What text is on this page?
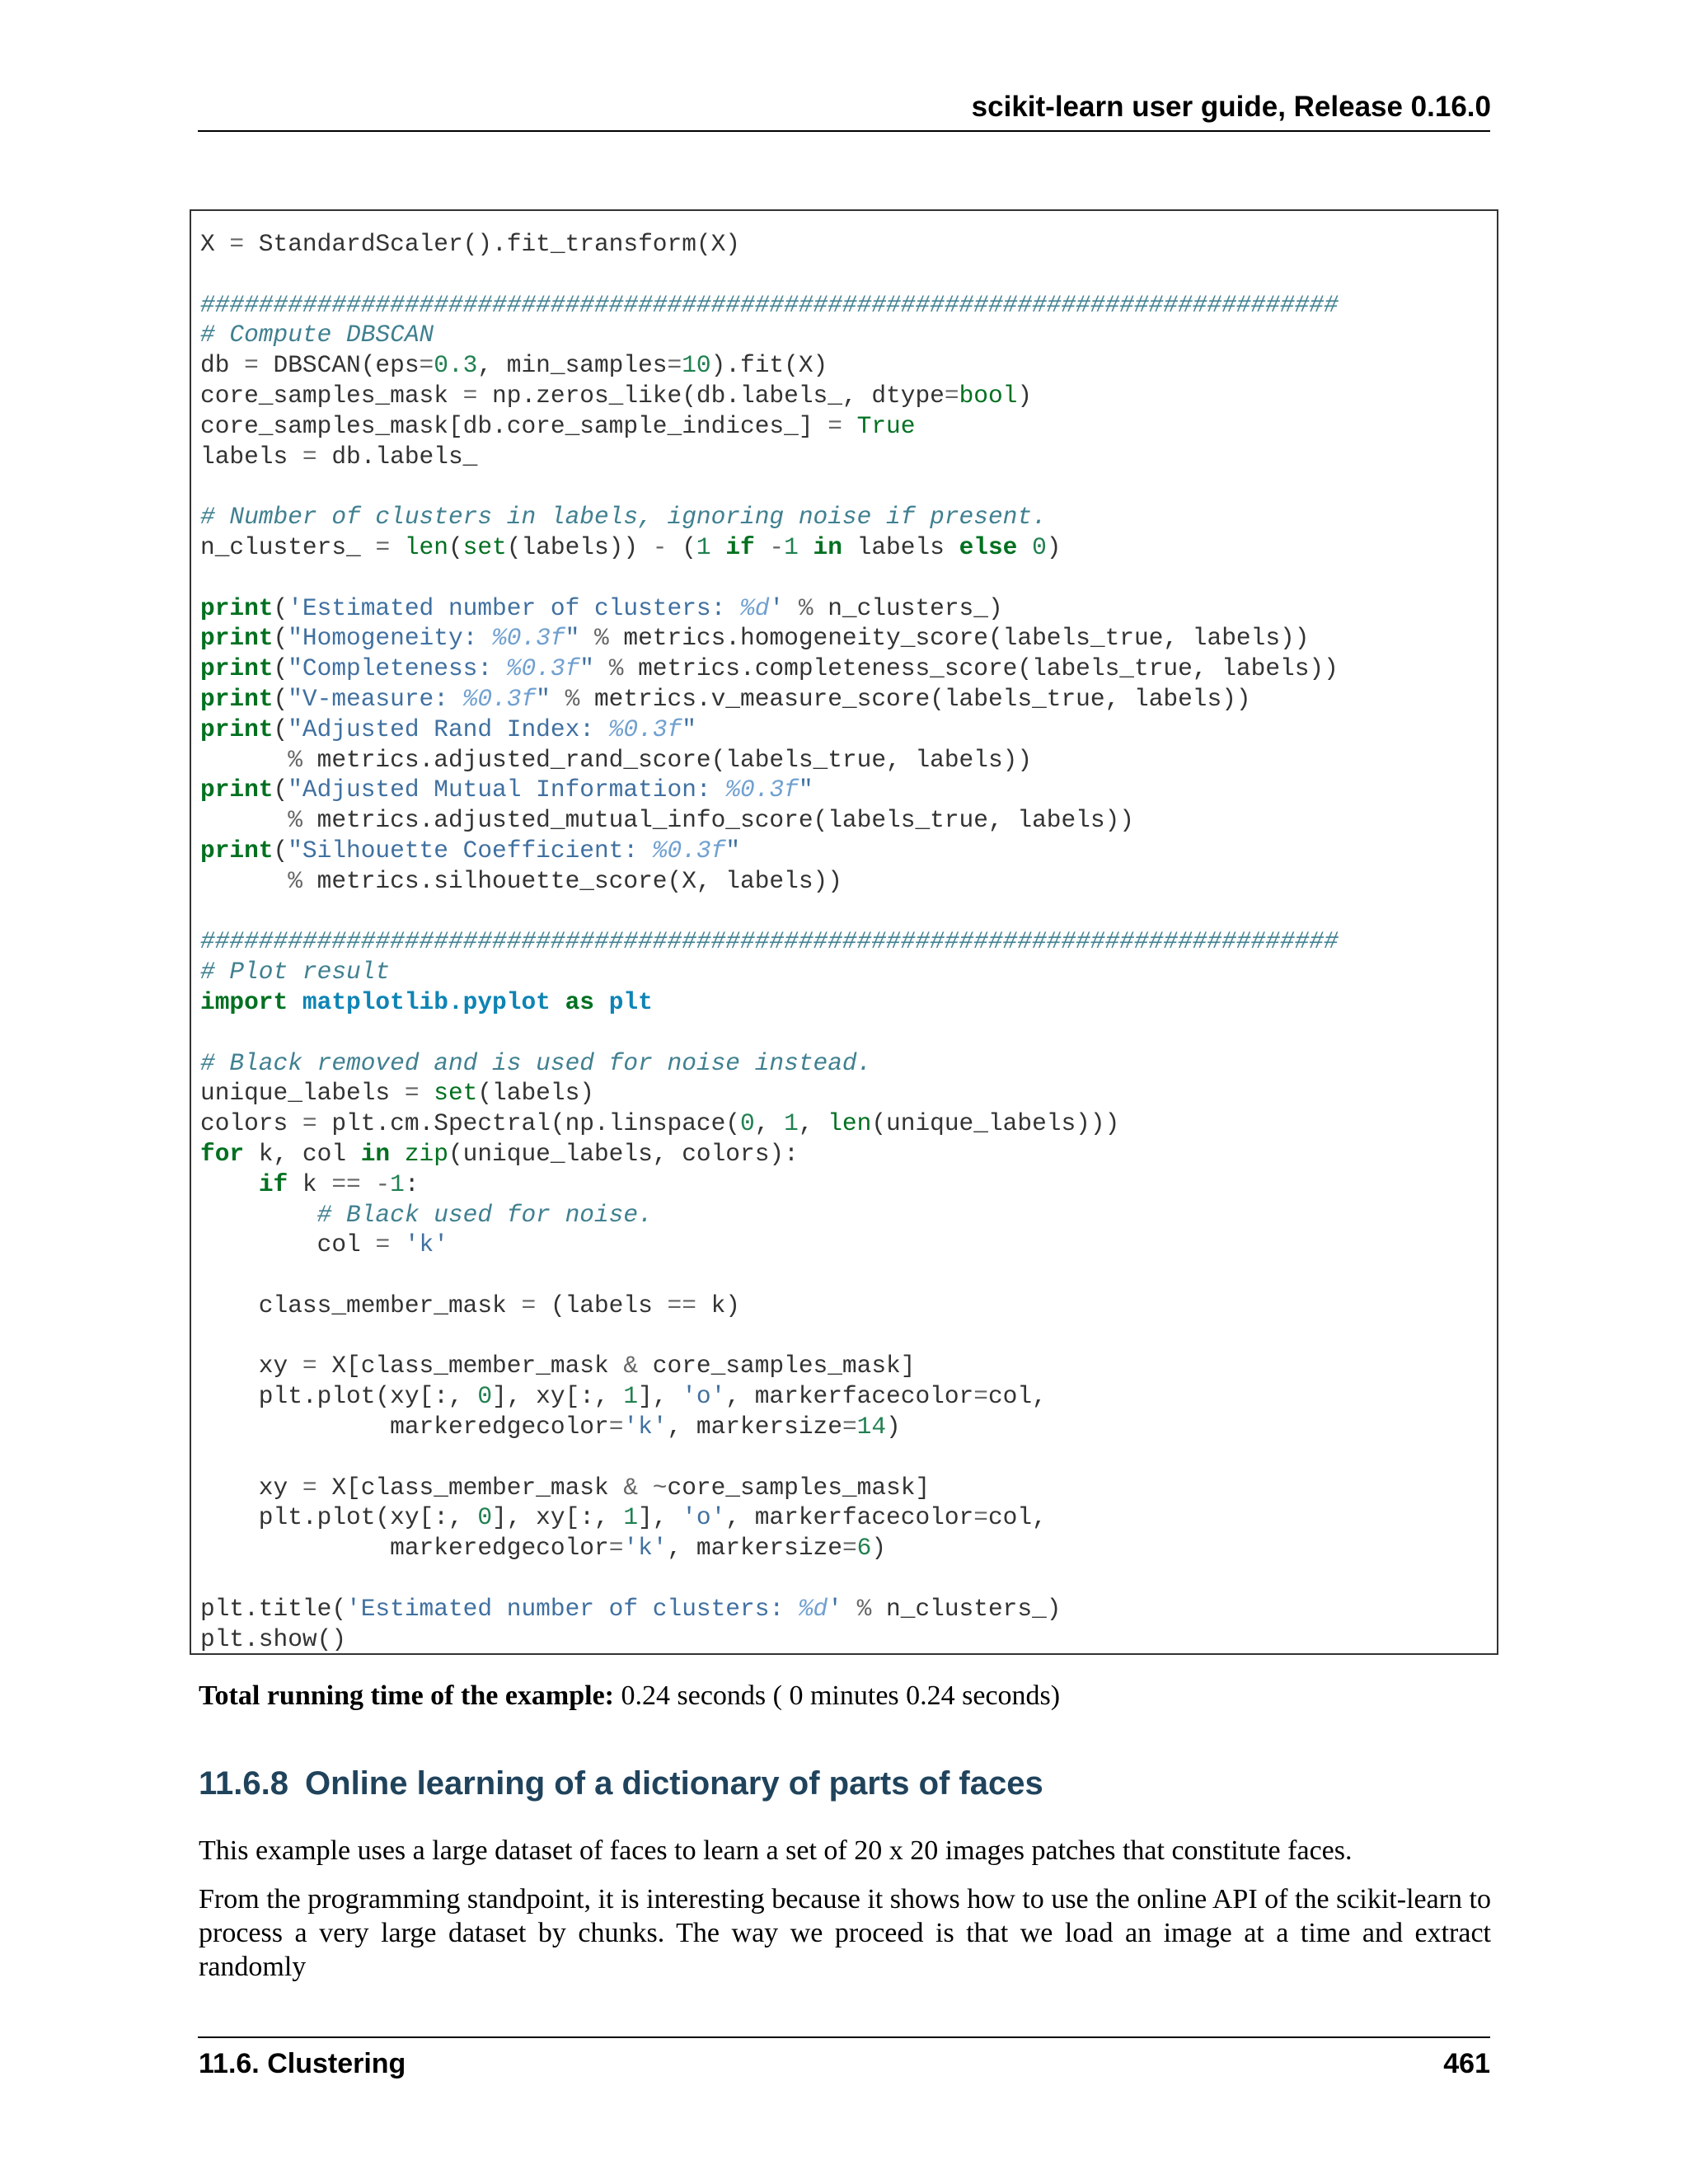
scikit-learn user guide, Release 0.16.0
X = StandardScaler().fit_transform(X)
##############################################################################
# Compute DBSCAN
db = DBSCAN(eps=0.3, min_samples=10).fit(X)
core_samples_mask = np.zeros_like(db.labels_, dtype=bool)
core_samples_mask[db.core_sample_indices_] = True
labels = db.labels_
# Number of clusters in labels, ignoring noise if present.
n_clusters_ = len(set(labels)) - (1 if -1 in labels else 0)
print('Estimated number of clusters: %d' % n_clusters_)
print("Homogeneity: %0.3f" % metrics.homogeneity_score(labels_true, labels))
print("Completeness: %0.3f" % metrics.completeness_score(labels_true, labels))
print("V-measure: %0.3f" % metrics.v_measure_score(labels_true, labels))
print("Adjusted Rand Index: %0.3f"
% metrics.adjusted_rand_score(labels_true, labels))
print("Adjusted Mutual Information: %0.3f"
% metrics.adjusted_mutual_info_score(labels_true, labels))
print("Silhouette Coefficient: %0.3f"
% metrics.silhouette_score(X, labels))
##############################################################################
# Plot result
import matplotlib.pyplot as plt
# Black removed and is used for noise instead.
unique_labels = set(labels)
colors = plt.cm.Spectral(np.linspace(0, 1, len(unique_labels)))
for k, col in zip(unique_labels, colors):
if k == -1:
# Black used for noise.
col = 'k'
class_member_mask = (labels == k)
xy = X[class_member_mask & core_samples_mask]
plt.plot(xy[:, 0], xy[:, 1], 'o', markerfacecolor=col,
markeredgecolor='k', markersize=14)
xy = X[class_member_mask & ~core_samples_mask]
plt.plot(xy[:, 0], xy[:, 1], 'o', markerfacecolor=col,
markeredgecolor='k', markersize=6)
plt.title('Estimated number of clusters: %d' % n_clusters_)
plt.show()

Total running time of the example: 0.24 seconds ( 0 minutes 0.24 seconds)

11.6.8 Online learning of a dictionary of parts of faces

This example uses a large dataset of faces to learn a set of 20 x 20 images patches that constitute faces.

From the programming standpoint, it is interesting because it shows how to use the online API of the scikit-learn to process a very large dataset by chunks. The way we proceed is that we load an image at a time and extract randomly

11.6. Clustering	461
